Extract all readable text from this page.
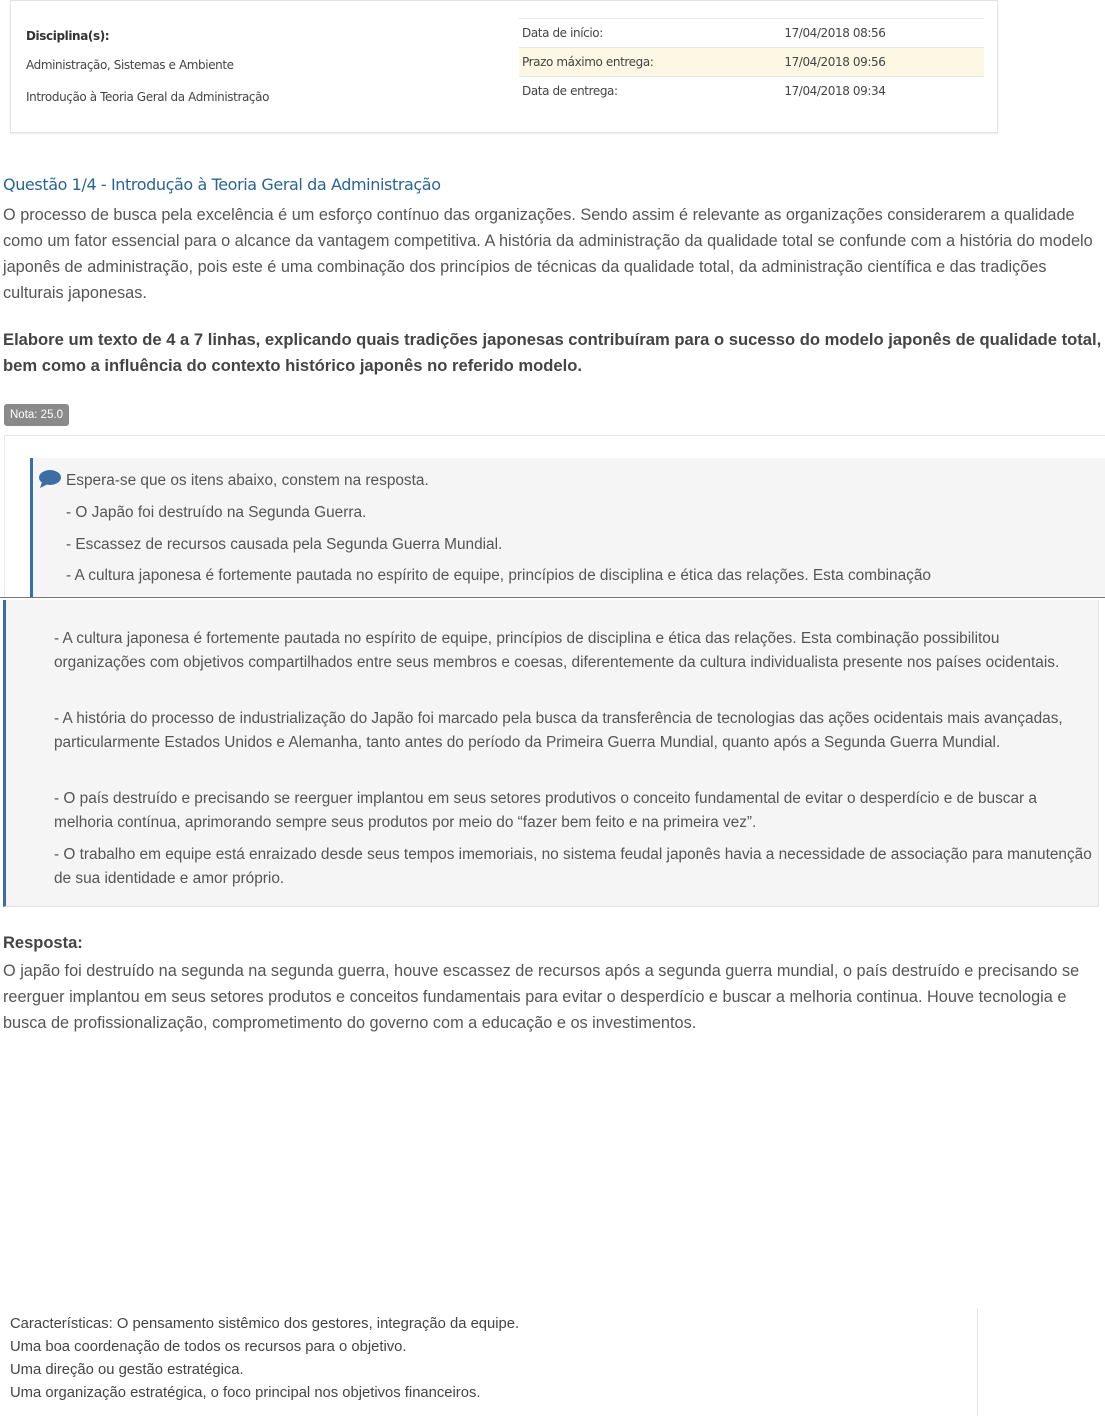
Disciplina(s):
Administração, Sistemas e Ambiente
Introdução à Teoria Geral da Administração
Data de início:	17/04/2018 08:56
Prazo máximo entrega:	17/04/2018 09:56
Data de entrega:	17/04/2018 09:34
Questão 1/4 - Introdução à Teoria Geral da Administração

O processo de busca pela excelência é um esforço contínuo das organizações. Sendo assim é relevante as organizações considerarem a qualidade como um fator essencial para o alcance da vantagem competitiva. A história da administração da qualidade total se confunde com a história do modelo japonês de administração, pois este é uma combinação dos princípios de técnicas da qualidade total, da administração científica e das tradições culturais japonesas.

Elabore um texto de 4 a 7 linhas, explicando quais tradições japonesas contribuíram para o sucesso do modelo japonês de qualidade total, bem como a influência do contexto histórico japonês no referido modelo.

Nota: 25.0
Espera-se que os itens abaixo, constem na resposta.
- O Japão foi destruído na Segunda Guerra.
- Escassez de recursos causada pela Segunda Guerra Mundial.
- A cultura japonesa é fortemente pautada no espírito de equipe, princípios de disciplina e ética das relações. Esta combinação

- A cultura japonesa é fortemente pautada no espírito de equipe, princípios de disciplina e ética das relações. Esta combinação possibilitou organizações com objetivos compartilhados entre seus membros e coesas, diferentemente da cultura individualista presente nos países ocidentais.

- A história do processo de industrialização do Japão foi marcado pela busca da transferência de tecnologias das ações ocidentais mais avançadas, particularmente Estados Unidos e Alemanha, tanto antes do período da Primeira Guerra Mundial, quanto após a Segunda Guerra Mundial.

- O país destruído e precisando se reerguer implantou em seus setores produtivos o conceito fundamental de evitar o desperdício e de buscar a melhoria contínua, aprimorando sempre seus produtos por meio do “fazer bem feito e na primeira vez”.

- O trabalho em equipe está enraizado desde seus tempos imemoriais, no sistema feudal japonês havia a necessidade de associação para manutenção de sua identidade e amor próprio.

Resposta:

O japão foi destruído na segunda na segunda guerra, houve escassez de recursos após a segunda guerra mundial, o país destruído e precisando se reerguer implantou em seus setores produtos e conceitos fundamentais para evitar o desperdício e buscar a melhoria continua. Houve tecnologia e busca de profissionalização, comprometimento do governo com a educação e os investimentos.

Características: O pensamento sistêmico dos gestores, integração da equipe.
Uma boa coordenação de todos os recursos para o objetivo.
Uma direção ou gestão estratégica.
Uma organização estratégica, o foco principal nos objetivos financeiros.
